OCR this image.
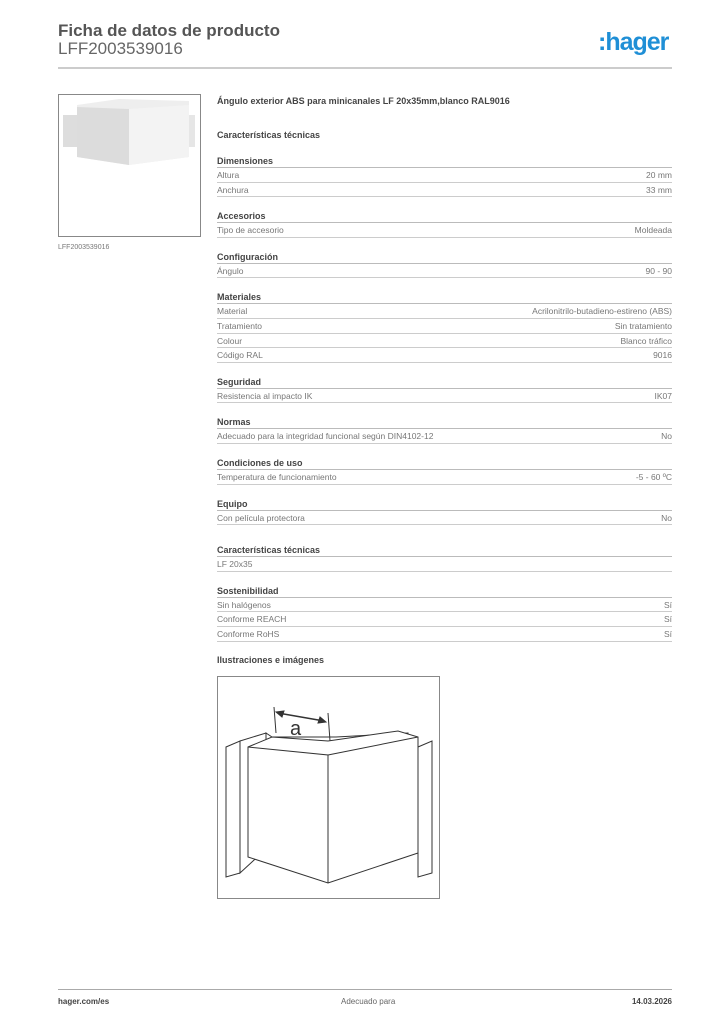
Ficha de datos de producto
LFF2003539016	:hager
LFF2003539016
Ángulo exterior ABS para minicanales LF 20x35mm,blanco RAL9016
Características técnicas
Dimensiones
Altura	20 mm
Anchura	33 mm
Accesorios
Tipo de accesorio	Moldeada
Configuración
Ángulo	90 - 90
Materiales
Material	Acrilonitrilo-butadieno-estireno (ABS)
Tratamiento	Sin tratamiento
Colour	Blanco tráfico
Código RAL	9016
Seguridad
Resistencia al impacto IK	IK07
Normas
Adecuado para la integridad funcional según DIN4102-12	No
Condiciones de uso
Temperatura de funcionamiento	-5 - 60 ºC
Equipo
Con película protectora	No
Características técnicas
LF 20x35
Sostenibilidad
Sin halógenos	Sí
Conforme REACH	Sí
Conforme RoHS	Sí
Ilustraciones e imágenes
a
hager.com/es	Adecuado para	14.03.2026
